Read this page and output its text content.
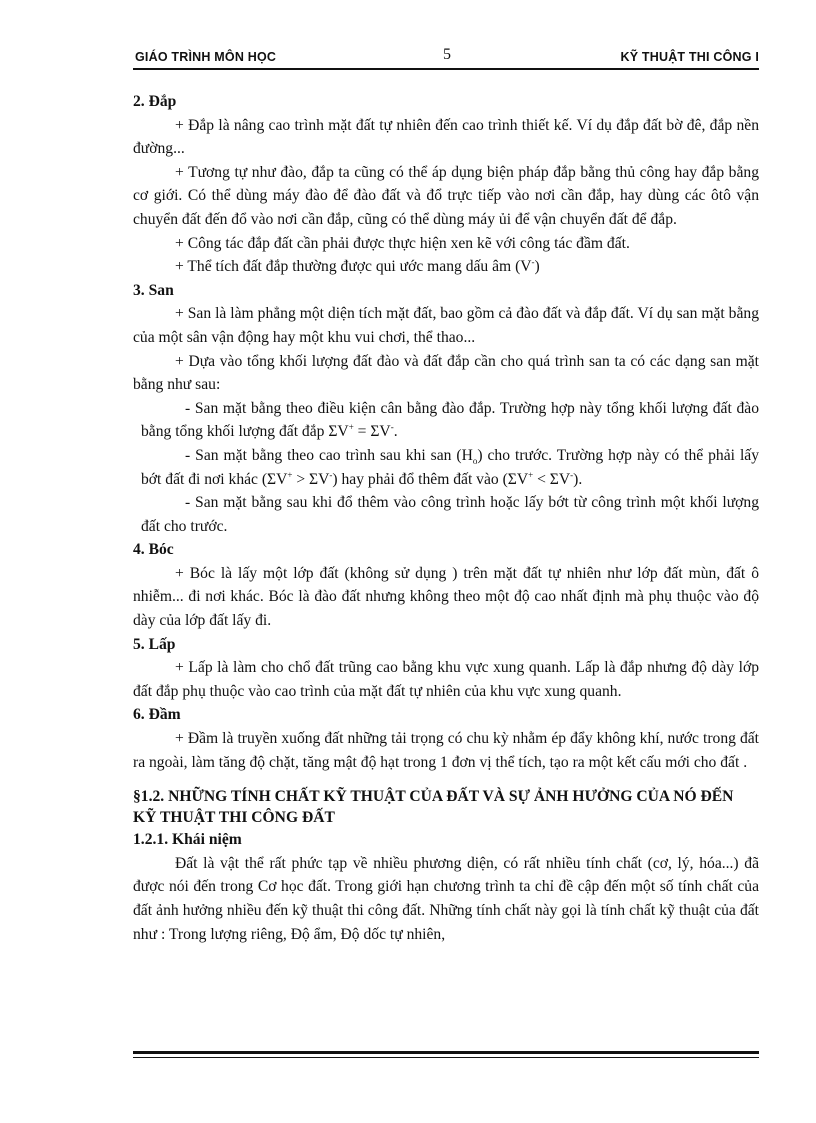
GIÁO TRÌNH MÔN HỌC	5	KỸ THUẬT THI CÔNG I

2. Đắp

+ Đắp là nâng cao trình mặt đất tự nhiên đến cao trình thiết kế. Ví dụ đắp đất bờ đê, đắp nền đường...

+ Tương tự như đào, đắp ta cũng có thể áp dụng biện pháp đắp bằng thủ công hay đắp bằng cơ giới. Có thể dùng máy đào để đào đất và đổ trực tiếp vào nơi cần đắp, hay dùng các ôtô vận chuyển đất đến đổ vào nơi cần đắp, cũng có thể dùng máy ủi để vận chuyển đất để đắp.

+ Công tác đắp đất cần phải được thực hiện xen kẽ với công tác đầm đất.

+ Thể tích đất đắp thường được qui ước mang dấu âm (V-)

3. San

+ San là làm phẳng một diện tích mặt đất, bao gồm cả đào đất và đắp đất. Ví dụ san mặt bằng của một sân vận động hay một khu vui chơi, thể thao...

+ Dựa vào tổng khối lượng đất đào và đất đắp cần cho quá trình san ta có các dạng san mặt bằng như sau:

- San mặt bằng theo điều kiện cân bằng đào đắp. Trường hợp này tổng khối lượng đất đào bằng tổng khối lượng đất đắp ΣV+ = ΣV-.

- San mặt bằng theo cao trình sau khi san $(H_o)$ cho trước. Trường hợp này có thể phải lấy bớt đất đi nơi khác (ΣV+ > ΣV-) hay phải đổ thêm đất vào (ΣV+ < ΣV-).

- San mặt bằng sau khi đổ thêm vào công trình hoặc lấy bớt từ công trình một khối lượng đất cho trước.

4. Bóc

+ Bóc là lấy một lớp đất (không sử dụng ) trên mặt đất tự nhiên như lớp đất mùn, đất ô nhiễm... đi nơi khác. Bóc là đào đất nhưng không theo một độ cao nhất định mà phụ thuộc vào độ dày của lớp đất lấy đi.

5. Lấp

+ Lấp là làm cho chổ đất trũng cao bằng khu vực xung quanh. Lấp là đắp nhưng độ dày lớp đất đắp phụ thuộc vào cao trình của mặt đất tự nhiên của khu vực xung quanh.

6. Đầm

+ Đầm là truyền xuống đất những tải trọng có chu kỳ nhằm ép đẩy không khí, nước trong đất ra ngoài, làm tăng độ chặt, tăng mật độ hạt trong 1 đơn vị thể tích, tạo ra một kết cấu mới cho đất .

§1.2. NHỮNG TÍNH CHẤT KỸ THUẬT CỦA ĐẤT VÀ SỰ ẢNH HƯỞNG CỦA NÓ ĐẾN KỸ THUẬT THI CÔNG ĐẤT

1.2.1. Khái niệm

Đất là vật thể rất phức tạp về nhiều phương diện, có rất nhiều tính chất (cơ, lý, hóa...) đã được nói đến trong Cơ học đất. Trong giới hạn chương trình ta chỉ đề cập đến một số tính chất của đất ảnh hưởng nhiều đến kỹ thuật thi công đất. Những tính chất này gọi là tính chất kỹ thuật của đất như : Trong lượng riêng, Độ ẩm, Độ dốc tự nhiên,
